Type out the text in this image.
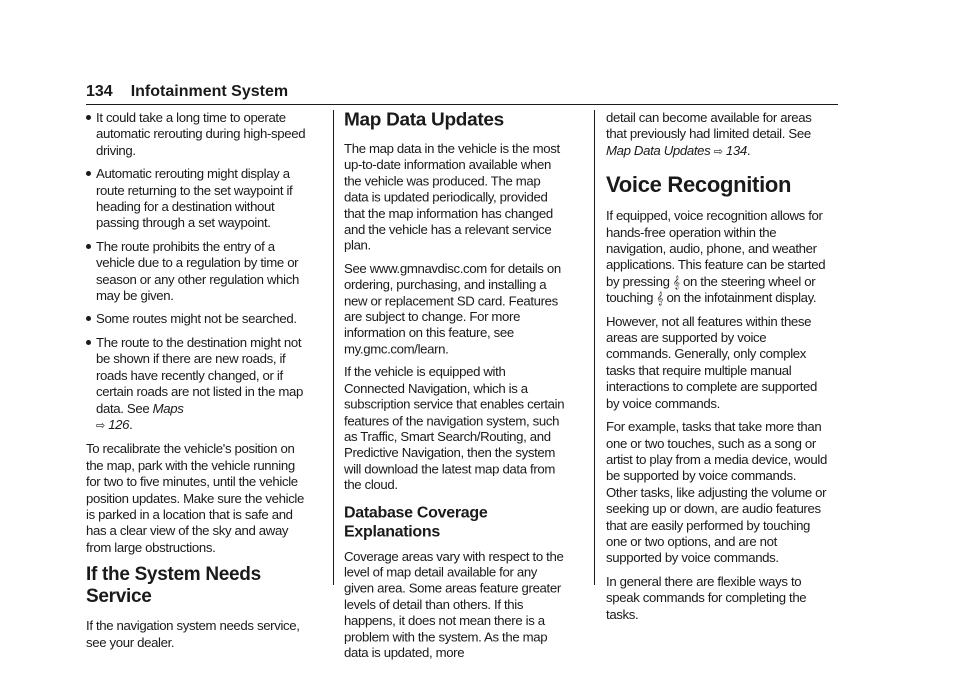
134 Infotainment System
It could take a long time to operate automatic rerouting during high-speed driving.
Automatic rerouting might display a route returning to the set waypoint if heading for a destination without passing through a set waypoint.
The route prohibits the entry of a vehicle due to a regulation by time or season or any other regulation which may be given.
Some routes might not be searched.
The route to the destination might not be shown if there are new roads, if roads have recently changed, or if certain roads are not listed in the map data. See Maps
⇨ 126.

To recalibrate the vehicle's position on the map, park with the vehicle running for two to five minutes, until the vehicle position updates. Make sure the vehicle is parked in a location that is safe and has a clear view of the sky and away from large obstructions.

If the System Needs Service

If the navigation system needs service, see your dealer.

Map Data Updates

The map data in the vehicle is the most up-to-date information available when the vehicle was produced. The map data is updated periodically, provided that the map information has changed and the vehicle has a relevant service plan.

See www.gmnavdisc.com for details on ordering, purchasing, and installing a new or replacement SD card. Features are subject to change. For more information on this feature, see my.gmc.com/learn.

If the vehicle is equipped with Connected Navigation, which is a subscription service that enables certain features of the navigation system, such as Traffic, Smart Search/Routing, and Predictive Navigation, then the system will download the latest map data from the cloud.

Database Coverage Explanations

Coverage areas vary with respect to the level of map detail available for any given area. Some areas feature greater levels of detail than others. If this happens, it does not mean there is a problem with the system. As the map data is updated, more

detail can become available for areas that previously had limited detail. See Map Data Updates ⇨ 134.

Voice Recognition

If equipped, voice recognition allows for hands-free operation within the navigation, audio, phone, and weather applications. This feature can be started by pressing 𝄞 on the steering wheel or touching 𝄞 on the infotainment display.

However, not all features within these areas are supported by voice commands. Generally, only complex tasks that require multiple manual interactions to complete are supported by voice commands.

For example, tasks that take more than one or two touches, such as a song or artist to play from a media device, would be supported by voice commands. Other tasks, like adjusting the volume or seeking up or down, are audio features that are easily performed by touching one or two options, and are not supported by voice commands.

In general there are flexible ways to speak commands for completing the tasks.
